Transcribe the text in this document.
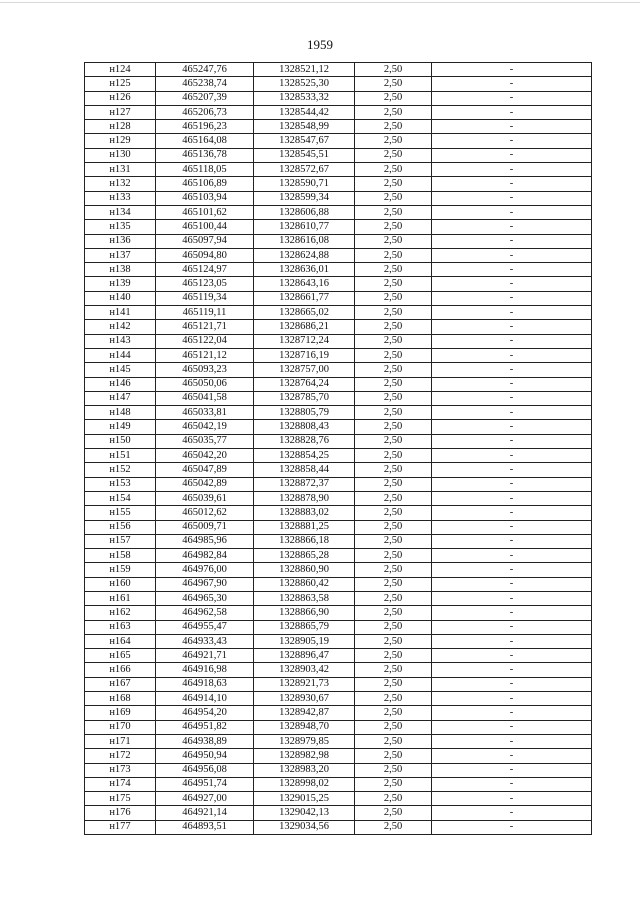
1959
н124	465247,76	1328521,12	2,50	-
н125	465238,74	1328525,30	2,50	-
н126	465207,39	1328533,32	2,50	-
н127	465206,73	1328544,42	2,50	-
н128	465196,23	1328548,99	2,50	-
н129	465164,08	1328547,67	2,50	-
н130	465136,78	1328545,51	2,50	-
н131	465118,05	1328572,67	2,50	-
н132	465106,89	1328590,71	2,50	-
н133	465103,94	1328599,34	2,50	-
н134	465101,62	1328606,88	2,50	-
н135	465100,44	1328610,77	2,50	-
н136	465097,94	1328616,08	2,50	-
н137	465094,80	1328624,88	2,50	-
н138	465124,97	1328636,01	2,50	-
н139	465123,05	1328643,16	2,50	-
н140	465119,34	1328661,77	2,50	-
н141	465119,11	1328665,02	2,50	-
н142	465121,71	1328686,21	2,50	-
н143	465122,04	1328712,24	2,50	-
н144	465121,12	1328716,19	2,50	-
н145	465093,23	1328757,00	2,50	-
н146	465050,06	1328764,24	2,50	-
н147	465041,58	1328785,70	2,50	-
н148	465033,81	1328805,79	2,50	-
н149	465042,19	1328808,43	2,50	-
н150	465035,77	1328828,76	2,50	-
н151	465042,20	1328854,25	2,50	-
н152	465047,89	1328858,44	2,50	-
н153	465042,89	1328872,37	2,50	-
н154	465039,61	1328878,90	2,50	-
н155	465012,62	1328883,02	2,50	-
н156	465009,71	1328881,25	2,50	-
н157	464985,96	1328866,18	2,50	-
н158	464982,84	1328865,28	2,50	-
н159	464976,00	1328860,90	2,50	-
н160	464967,90	1328860,42	2,50	-
н161	464965,30	1328863,58	2,50	-
н162	464962,58	1328866,90	2,50	-
н163	464955,47	1328865,79	2,50	-
н164	464933,43	1328905,19	2,50	-
н165	464921,71	1328896,47	2,50	-
н166	464916,98	1328903,42	2,50	-
н167	464918,63	1328921,73	2,50	-
н168	464914,10	1328930,67	2,50	-
н169	464954,20	1328942,87	2,50	-
н170	464951,82	1328948,70	2,50	-
н171	464938,89	1328979,85	2,50	-
н172	464950,94	1328982,98	2,50	-
н173	464956,08	1328983,20	2,50	-
н174	464951,74	1328998,02	2,50	-
н175	464927,00	1329015,25	2,50	-
н176	464921,14	1329042,13	2,50	-
н177	464893,51	1329034,56	2,50	-
